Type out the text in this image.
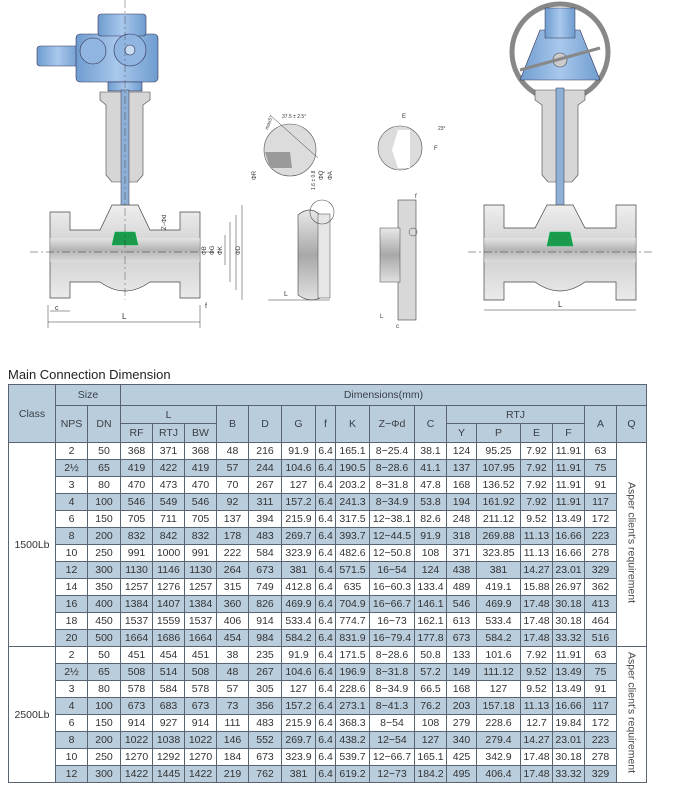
L
c	f
Z−Φd
ΦB ΦG ΦK ΦD
37.5 ± 2.5°
max5°
ΦR	1.6 ± 0.8 ΦQ ΦA
E
F
23°
L
f
c
L
L
Main Connection Dimension
Class	Size		Dimensions(mm)															
	NPS	DN	L			B	D	G	f	K	Z−Φd	C	RTJ				A	Q
			RF	RTJ	BW								Y	P	E	F		
1500Lb	2	50	368	371	368	48	216	91.9	6.4	165.1	8−25.4	38.1	124	95.25	7.92	11.91	63	Asper client's requirement
	2½	65	419	422	419	57	244	104.6	6.4	190.5	8−28.6	41.1	137	107.95	7.92	11.91	75	
	3	80	470	473	470	70	267	127	6.4	203.2	8−31.8	47.8	168	136.52	7.92	11.91	91	
	4	100	546	549	546	92	311	157.2	6.4	241.3	8−34.9	53.8	194	161.92	7.92	11.91	117	
	6	150	705	711	705	137	394	215.9	6.4	317.5	12−38.1	82.6	248	211.12	9.52	13.49	172	
	8	200	832	842	832	178	483	269.7	6.4	393.7	12−44.5	91.9	318	269.88	11.13	16.66	223	
	10	250	991	1000	991	222	584	323.9	6.4	482.6	12−50.8	108	371	323.85	11.13	16.66	278	
	12	300	1130	1146	1130	264	673	381	6.4	571.5	16−54	124	438	381	14.27	23.01	329	
	14	350	1257	1276	1257	315	749	412.8	6.4	635	16−60.3	133.4	489	419.1	15.88	26.97	362	
	16	400	1384	1407	1384	360	826	469.9	6.4	704.9	16−66.7	146.1	546	469.9	17.48	30.18	413	
	18	450	1537	1559	1537	406	914	533.4	6.4	774.7	16−73	162.1	613	533.4	17.48	30.18	464	
	20	500	1664	1686	1664	454	984	584.2	6.4	831.9	16−79.4	177.8	673	584.2	17.48	33.32	516	
2500Lb	2	50	451	454	451	38	235	91.9	6.4	171.5	8−28.6	50.8	133	101.6	7.92	11.91	63	Asper client's requirement
	2½	65	508	514	508	48	267	104.6	6.4	196.9	8−31.8	57.2	149	111.12	9.52	13.49	75	
	3	80	578	584	578	57	305	127	6.4	228.6	8−34.9	66.5	168	127	9.52	13.49	91	
	4	100	673	683	673	73	356	157.2	6.4	273.1	8−41.3	76.2	203	157.18	11.13	16.66	117	
	6	150	914	927	914	111	483	215.9	6.4	368.3	8−54	108	279	228.6	12.7	19.84	172	
	8	200	1022	1038	1022	146	552	269.7	6.4	438.2	12−54	127	340	279.4	14.27	23.01	223	
	10	250	1270	1292	1270	184	673	323.9	6.4	539.7	12−66.7	165.1	425	342.9	17.48	30.18	278	
	12	300	1422	1445	1422	219	762	381	6.4	619.2	12−73	184.2	495	406.4	17.48	33.32	329	
